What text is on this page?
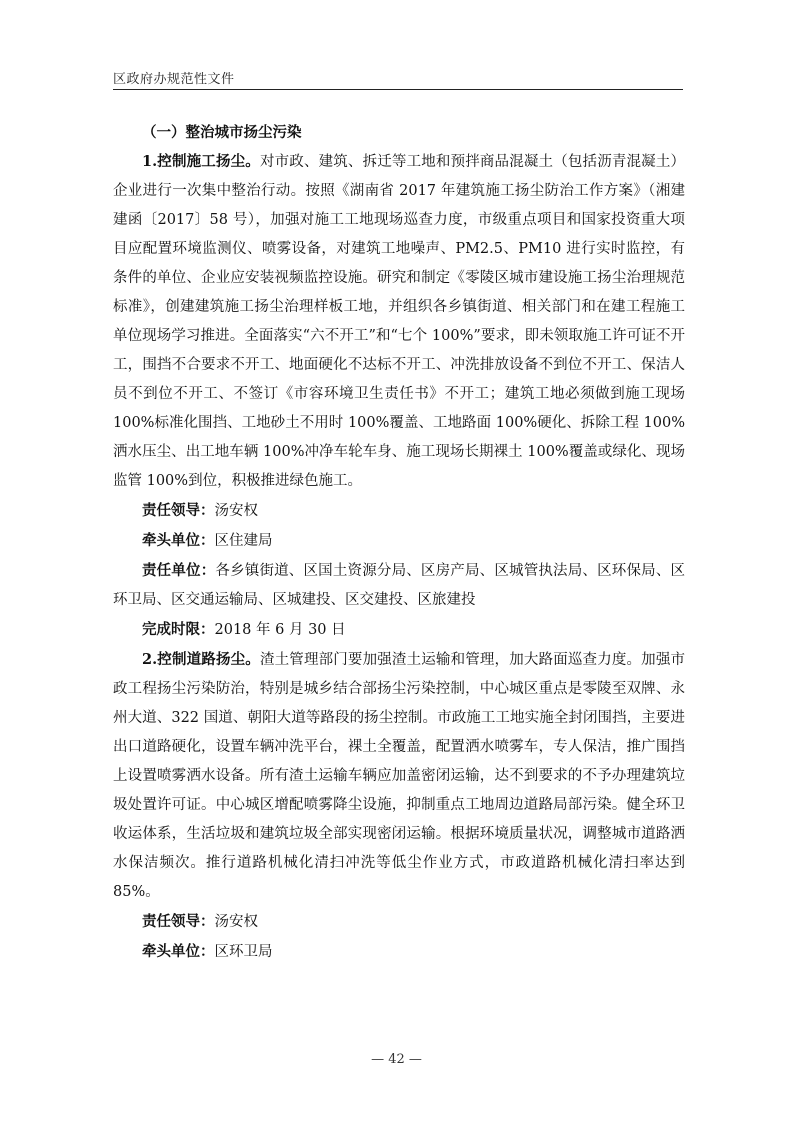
区政府办规范性文件

（一）整治城市扬尘污染

1.控制施工扬尘。对市政、建筑、拆迁等工地和预拌商品混凝土（包括沥青混凝土）企业进行一次集中整治行动。按照《湖南省 2017 年建筑施工扬尘防治工作方案》（湘建建函〔2017〕58 号），加强对施工工地现场巡查力度，市级重点项目和国家投资重大项目应配置环境监测仪、喷雾设备，对建筑工地噪声、PM2.5、PM10 进行实时监控，有条件的单位、企业应安装视频监控设施。研究和制定《零陵区城市建设施工扬尘治理规范标准》，创建建筑施工扬尘治理样板工地，并组织各乡镇街道、相关部门和在建工程施工单位现场学习推进。全面落实“六不开工”和“七个 100%”要求，即未领取施工许可证不开工，围挡不合要求不开工、地面硬化不达标不开工、冲洗排放设备不到位不开工、保洁人员不到位不开工、不签订《市容环境卫生责任书》不开工；建筑工地必须做到施工现场 100%标准化围挡、工地砂土不用时 100%覆盖、工地路面 100%硬化、拆除工程 100%洒水压尘、出工地车辆 100%冲净车轮车身、施工现场长期裸土 100%覆盖或绿化、现场监管 100%到位，积极推进绿色施工。

责任领导：汤安权

牵头单位：区住建局

责任单位：各乡镇街道、区国土资源分局、区房产局、区城管执法局、区环保局、区环卫局、区交通运输局、区城建投、区交建投、区旅建投

完成时限：2018 年 6 月 30 日

2.控制道路扬尘。渣土管理部门要加强渣土运输和管理，加大路面巡查力度。加强市政工程扬尘污染防治，特别是城乡结合部扬尘污染控制，中心城区重点是零陵至双牌、永州大道、322 国道、朝阳大道等路段的扬尘控制。市政施工工地实施全封闭围挡，主要进出口道路硬化，设置车辆冲洗平台，裸土全覆盖，配置洒水喷雾车，专人保洁，推广围挡上设置喷雾洒水设备。所有渣土运输车辆应加盖密闭运输，达不到要求的不予办理建筑垃圾处置许可证。中心城区增配喷雾降尘设施，抑制重点工地周边道路局部污染。健全环卫收运体系，生活垃圾和建筑垃圾全部实现密闭运输。根据环境质量状况，调整城市道路洒水保洁频次。推行道路机械化清扫冲洗等低尘作业方式，市政道路机械化清扫率达到 85%。

责任领导：汤安权

牵头单位：区环卫局

— 42 —
